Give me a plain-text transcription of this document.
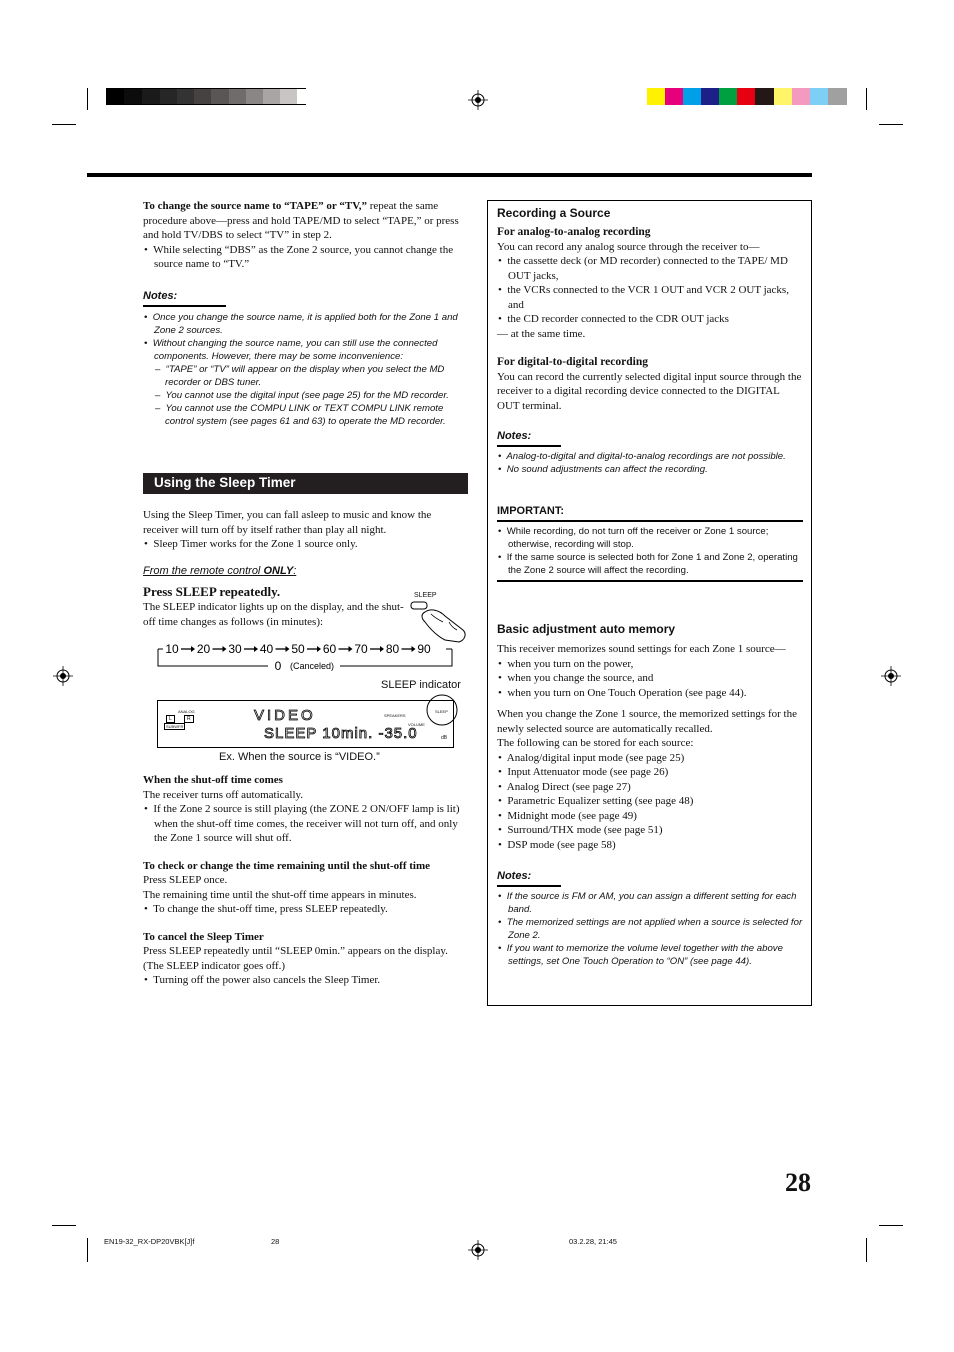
To change the source name to “TAPE” or “TV,” repeat the same procedure above—press and hold TAPE/MD to select “TAPE,” or press and hold TV/DBS to select “TV” in step 2.

•  While selecting “DBS” as the Zone 2 source, you cannot change the source name to “TV.”

Notes:

•  Once you change the source name, it is applied both for the Zone 1 and Zone 2 sources.

•  Without changing the source name, you can still use the connected components. However, there may be some inconvenience:

–  “TAPE” or “TV” will appear on the display when you select the MD recorder or DBS tuner.

–  You cannot use the digital input (see page 25) for the MD recorder.

–  You cannot use the COMPU LINK or TEXT COMPU LINK remote control system (see pages 61 and 63) to operate the MD recorder.

Using the Sleep Timer

Using the Sleep Timer, you can fall asleep to music and know the receiver will turn off by itself rather than play all night.

•  Sleep Timer works for the Zone 1 source only.

From the remote control ONLY:
Press SLEEP repeatedly.

The SLEEP indicator lights up on the display, and the shut-off time changes as follows (in minutes):

SLEEP
10 20 30 40 50 60 70 80 90
0 (Canceled)
SLEEP indicator
ANALOG
L	R
SUBWFR
SPEAKERS
VOLUME
SLEEP
VIDEO
SLEEP 10min. -35.0	dB
Ex. When the source is “VIDEO.”

When the shut-off time comes

The receiver turns off automatically.

•  If the Zone 2 source is still playing (the ZONE 2 ON/OFF lamp is lit) when the shut-off time comes, the receiver will not turn off, and only the Zone 1 source will shut off.

To check or change the time remaining until the shut-off time

Press SLEEP once.

The remaining time until the shut-off time appears in minutes.

•  To change the shut-off time, press SLEEP repeatedly.

To cancel the Sleep Timer

Press SLEEP repeatedly until “SLEEP 0min.” appears on the display. (The SLEEP indicator goes off.)

•  Turning off the power also cancels the Sleep Timer.

Recording a Source

For analog-to-analog recording

You can record any analog source through the receiver to—

•  the cassette deck (or MD recorder) connected to the TAPE/ MD OUT jacks,

•  the VCRs connected to the VCR 1 OUT and VCR 2 OUT jacks, and

•  the CD recorder connected to the CDR OUT jacks

— at the same time.

For digital-to-digital recording

You can record the currently selected digital input source through the receiver to a digital recording device connected to the DIGITAL OUT terminal.

Notes:

•  Analog-to-digital and digital-to-analog recordings are not possible.

•  No sound adjustments can affect the recording.

IMPORTANT:

•  While recording, do not turn off the receiver or Zone 1 source; otherwise, recording will stop.

•  If the same source is selected both for Zone 1 and Zone 2, operating the Zone 2 source will affect the recording.

Basic adjustment auto memory

This receiver memorizes sound settings for each Zone 1 source—

•  when you turn on the power,

•  when you change the source, and

•  when you turn on One Touch Operation (see page 44).

When you change the Zone 1 source, the memorized settings for the newly selected source are automatically recalled.

The following can be stored for each source:

•  Analog/digital input mode (see page 25)

•  Input Attenuator mode (see page 26)

•  Analog Direct (see page 27)

•  Parametric Equalizer setting (see page 48)

•  Midnight mode (see page 49)

•  Surround/THX mode (see page 51)

•  DSP mode (see page 58)

Notes:

•  If the source is FM or AM, you can assign a different setting for each band.

•  The memorized settings are not applied when a source is selected for Zone 2.

•  If you want to memorize the volume level together with the above settings, set One Touch Operation to “ON” (see page 44).

28
EN19-32_RX-DP20VBK[J]f	28	03.2.28, 21:45
